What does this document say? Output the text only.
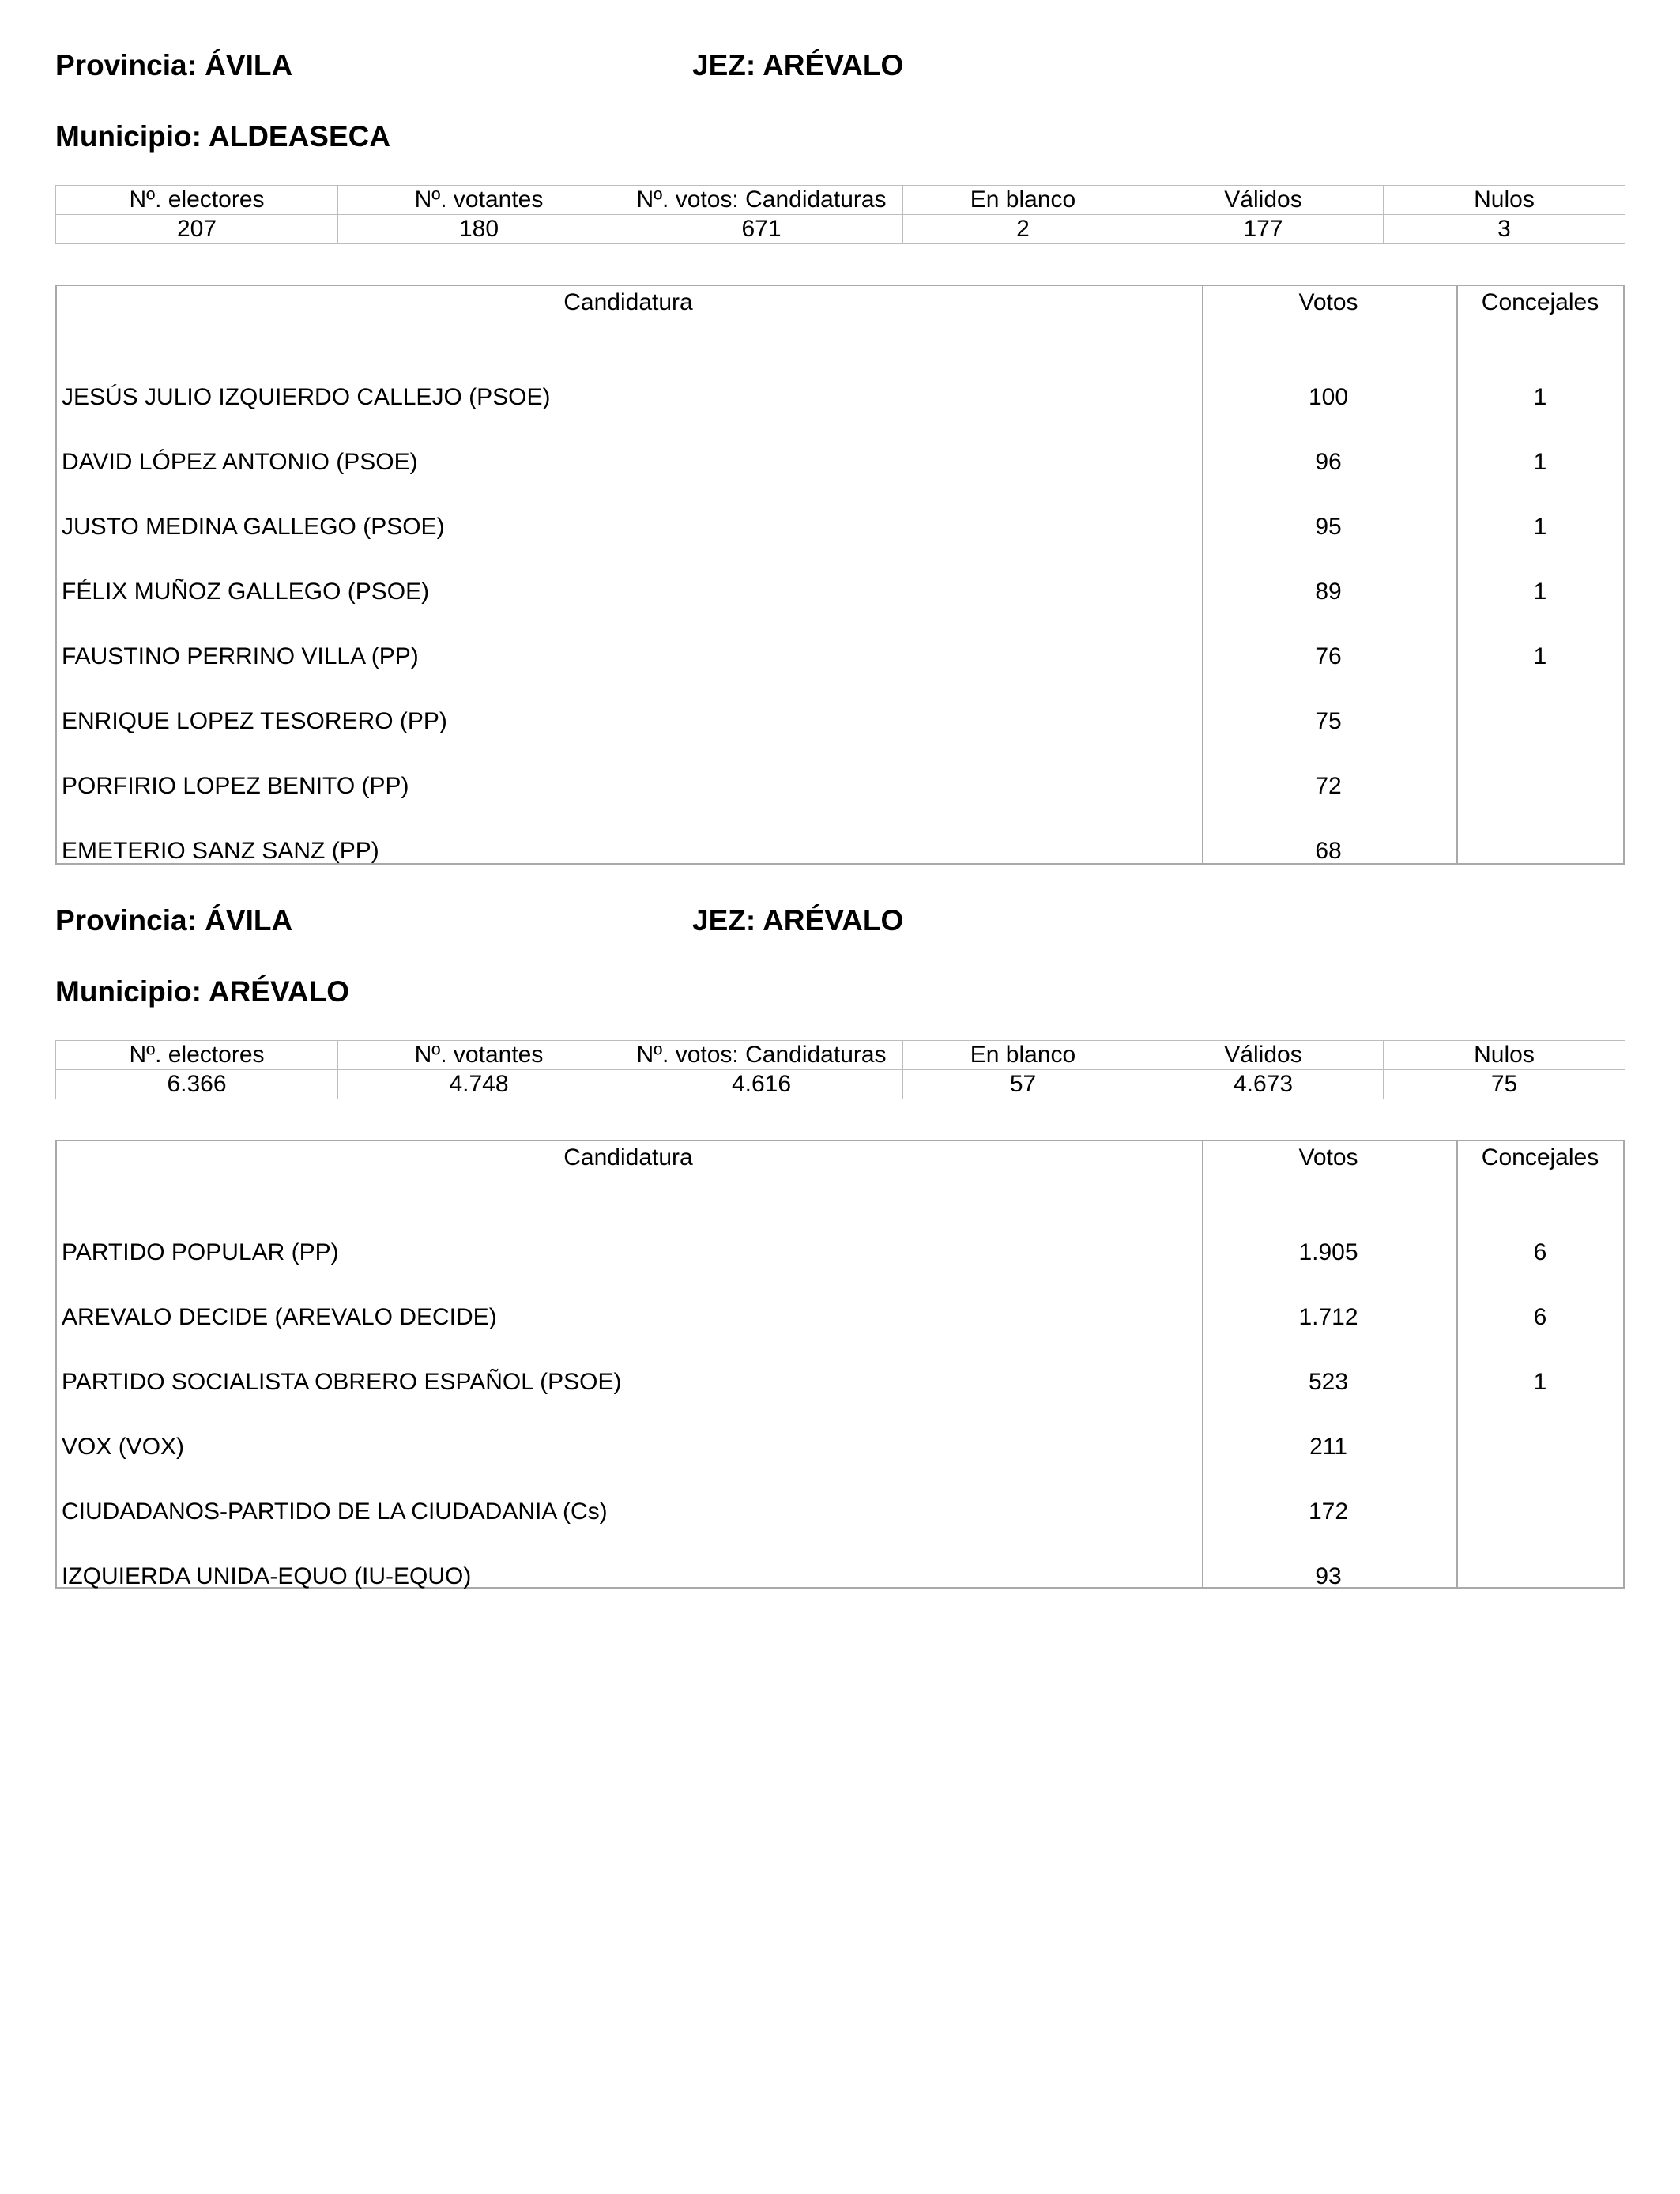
Provincia: ÁVILA	JEZ: ARÉVALO
Municipio: ALDEASECA
Nº. electores	Nº. votantes	Nº. votos: Candidaturas	En blanco	Válidos	Nulos
207	180	671	2	177	3
Candidatura	Votos	Concejales
JESÚS JULIO IZQUIERDO CALLEJO (PSOE)	100	1
DAVID LÓPEZ ANTONIO (PSOE)	96	1
JUSTO MEDINA GALLEGO (PSOE)	95	1
FÉLIX MUÑOZ GALLEGO (PSOE)	89	1
FAUSTINO PERRINO VILLA (PP)	76	1
ENRIQUE LOPEZ TESORERO (PP)	75	
PORFIRIO LOPEZ BENITO (PP)	72	
EMETERIO SANZ SANZ (PP)	68	
Provincia: ÁVILA	JEZ: ARÉVALO
Municipio: ARÉVALO
Nº. electores	Nº. votantes	Nº. votos: Candidaturas	En blanco	Válidos	Nulos
6.366	4.748	4.616	57	4.673	75
Candidatura	Votos	Concejales
PARTIDO POPULAR (PP)	1.905	6
AREVALO DECIDE (AREVALO DECIDE)	1.712	6
PARTIDO SOCIALISTA OBRERO ESPAÑOL (PSOE)	523	1
VOX (VOX)	211	
CIUDADANOS-PARTIDO DE LA CIUDADANIA (Cs)	172	
IZQUIERDA UNIDA-EQUO (IU-EQUO)	93	
